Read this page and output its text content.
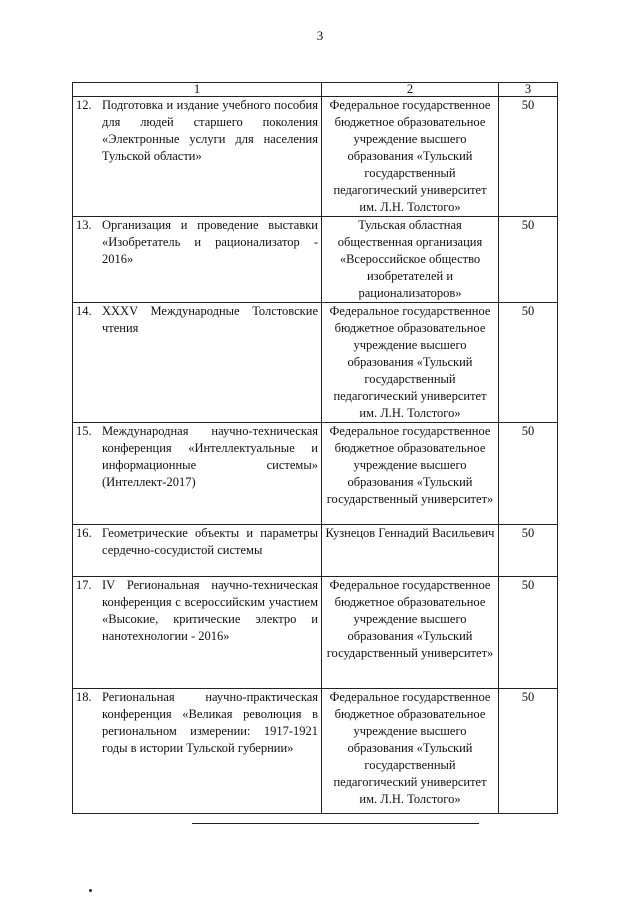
3
1	2	3

12. Подготовка и издание учебного пособия для людей старшего поколения «Электронные услуги для населения Тульской области»	Федеральное государственное бюджетное образовательное учреждение высшего образования «Тульский государственный педагогический университет им. Л.Н. Толстого»	50

13. Организация и проведение выставки «Изобретатель и рационализатор - 2016»	Тульская областная общественная организация «Всероссийское общество изобретателей и рационализаторов»	50

14. XXXV Международные Толстовские чтения	Федеральное государственное бюджетное образовательное учреждение высшего образования «Тульский государственный педагогический университет им. Л.Н. Толстого»	50

15. Международная научно-техническая конференция «Интеллектуальные и информационные системы» (Интеллект-2017)	Федеральное государственное бюджетное образовательное учреждение высшего образования «Тульский государственный университет»	50

16. Геометрические объекты и параметры сердечно-сосудистой системы	Кузнецов Геннадий Васильевич	50

17. IV Региональная научно-техническая конференция с всероссийским участием «Высокие, критические электро и нанотехнологии - 2016»	Федеральное государственное бюджетное образовательное учреждение высшего образования «Тульский государственный университет»	50

18. Региональная научно-практическая конференция «Великая революция в региональном измерении: 1917-1921 годы в истории Тульской губернии»	Федеральное государственное бюджетное образовательное учреждение высшего образования «Тульский государственный педагогический университет им. Л.Н. Толстого»	50
